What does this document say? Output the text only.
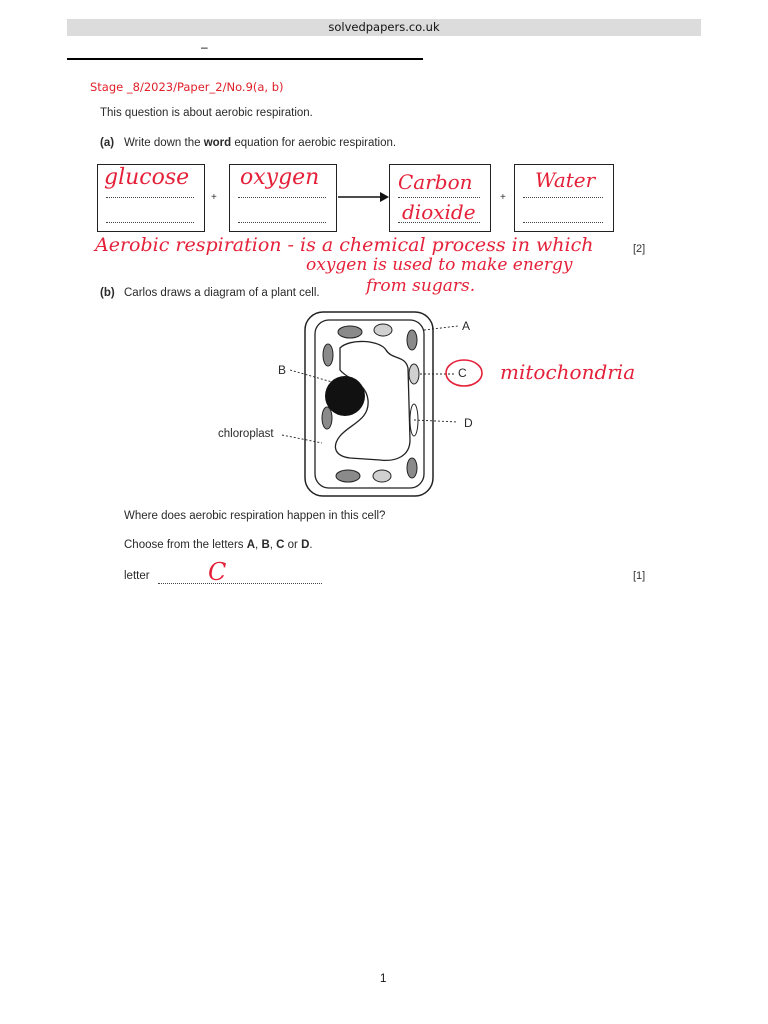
solvedpapers.co.uk
–
Stage _8/2023/Paper_2/No.9(a, b)
This question is about aerobic respiration.
(a) Write down the word equation for aerobic respiration.
glucose
+
oxygen	Carbon
dioxide
+
Water
Aerobic respiration - is a chemical process in which
oxygen is used to make energy
from sugars.
[2]
(b) Carlos draws a diagram of a plant cell.
A
B	C
D
chloroplast
mitochondria
Where does aerobic respiration happen in this cell?
Choose from the letters A, B, C or D.
letter C	[1]
1
